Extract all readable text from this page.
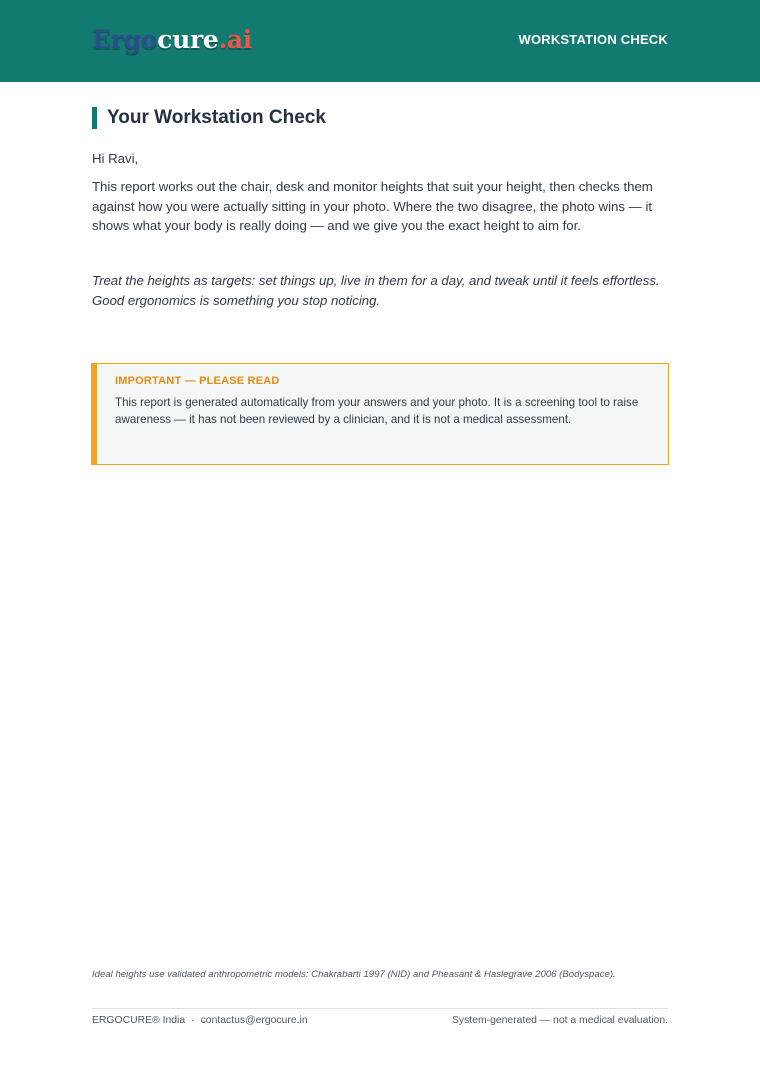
Ergocure.ai	WORKSTATION CHECK
Your Workstation Check

Hi Ravi,

This report works out the chair, desk and monitor heights that suit your height, then checks them against how you were actually sitting in your photo. Where the two disagree, the photo wins — it shows what your body is really doing — and we give you the exact height to aim for.

Treat the heights as targets: set things up, live in them for a day, and tweak until it feels effortless. Good ergonomics is something you stop noticing.

IMPORTANT — PLEASE READ
This report is generated automatically from your answers and your photo. It is a screening tool to raise awareness — it has not been reviewed by a clinician, and it is not a medical assessment.

Ideal heights use validated anthropometric models: Chakrabarti 1997 (NID) and Pheasant & Haslegrave 2006 (Bodyspace).

ERGOCURE® India · contactus@ergocure.in	System-generated — not a medical evaluation.
